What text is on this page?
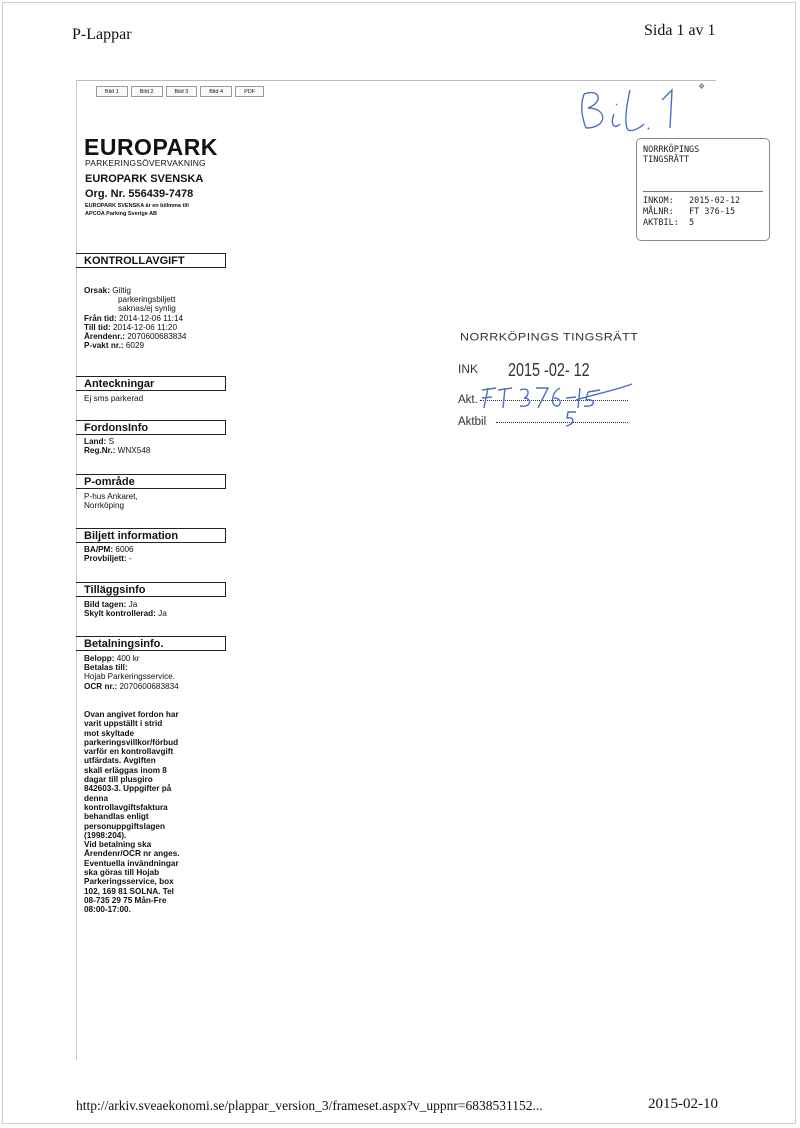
P-Lappar	Sida 1 av 1
Bild 1	Bild 2	Bild 3	Bild 4	PDF
❖
EUROPARK
PARKERINGSÖVERVAKNING
EUROPARK SVENSKA
Org. Nr. 556439-7478
EUROPARK SVENSKA är en billmma till
APCOA Parking Sverige AB
NORRKÖPINGS
TINGSRÄTT
INKOM:	2015-02-12
MÅLNR:	FT 376-15
AKTBIL:	5
NORRKÖPINGS TINGSRÄTT
INK 2015 -02- 12
Akt.
Aktbil
KONTROLLAVGIFT
Orsak: Giltig
parkeringsbiljett
saknas/ej synlig
Från tid: 2014-12-06 11:14
Till tid: 2014-12-06 11:20
Ärendenr.: 2070600683834
P-vakt nr.: 6029
Anteckningar
Ej sms parkerad
FordonsInfo
Land: S
Reg.Nr.: WNX548
P-område
P-hus Ankaret,
Norrköping
Biljett information
BA/PM: 6006
Provbiljett: -
Tilläggsinfo
Bild tagen: Ja
Skylt kontrollerad: Ja
Betalningsinfo.
Belopp: 400 kr
Betalas till:
Hojab Parkeringsservice.
OCR nr.: 2070600683834
Ovan angivet fordon har
varit uppställt i strid
mot skyltade
parkeringsvillkor/förbud
varför en kontrollavgift
utfärdats. Avgiften
skall erläggas inom 8
dagar till plusgiro
842603-3. Uppgifter på
denna
kontrollavgiftsfaktura
behandlas enligt
personuppgiftslagen
(1998:204).
Vid betalning ska
Ärendenr/OCR nr anges.
Eventuella invändningar
ska göras till Hojab
Parkeringsservice, box
102, 169 81 SOLNA. Tel
08-735 29 75 Mån-Fre
08:00-17:00.
http://arkiv.sveaekonomi.se/plappar_version_3/frameset.aspx?v_uppnr=6838531152...	2015-02-10
